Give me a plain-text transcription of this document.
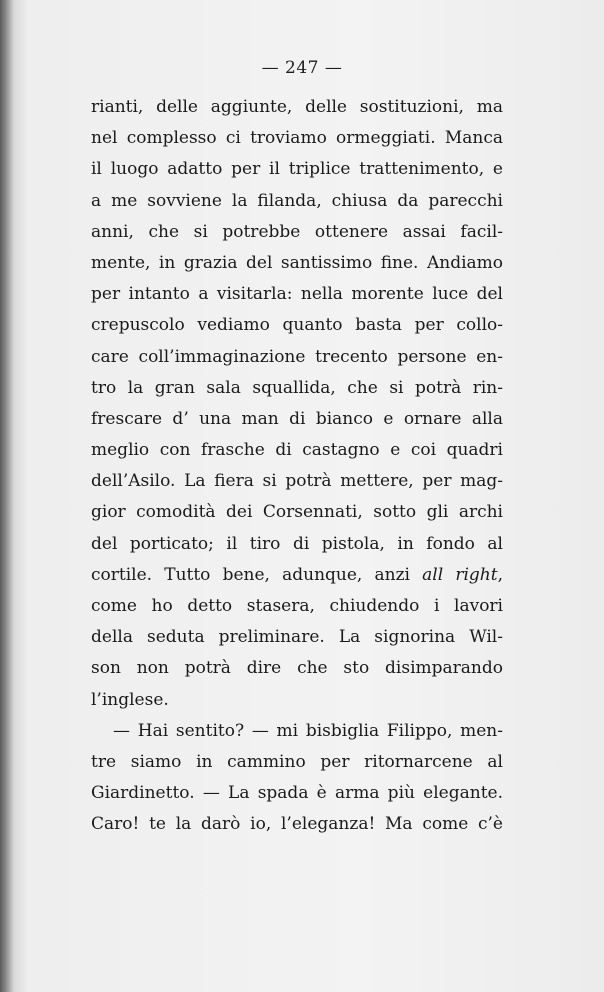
— 247 —
rianti, delle aggiunte, delle sostituzioni, ma
nel complesso ci troviamo ormeggiati. Manca
il luogo adatto per il triplice trattenimento, e
a me sovviene la filanda, chiusa da parecchi
anni, che si potrebbe ottenere assai facil-
mente, in grazia del santissimo fine. Andiamo
per intanto a visitarla: nella morente luce del
crepuscolo vediamo quanto basta per collo-
care coll’immaginazione trecento persone en-
tro la gran sala squallida, che si potrà rin-
frescare d’ una man di bianco e ornare alla
meglio con frasche di castagno e coi quadri
dell’Asilo. La fiera si potrà mettere, per mag-
gior comodità dei Corsennati, sotto gli archi
del porticato; il tiro di pistola, in fondo al
cortile. Tutto bene, adunque, anzi all right,
come ho detto stasera, chiudendo i lavori
della seduta preliminare. La signorina Wil-
son non potrà dire che sto disimparando
l’inglese.
— Hai sentito? — mi bisbiglia Filippo, men-
tre siamo in cammino per ritornarcene al
Giardinetto. — La spada è arma più elegante.
Caro! te la darò io, l’eleganza! Ma come c’è
